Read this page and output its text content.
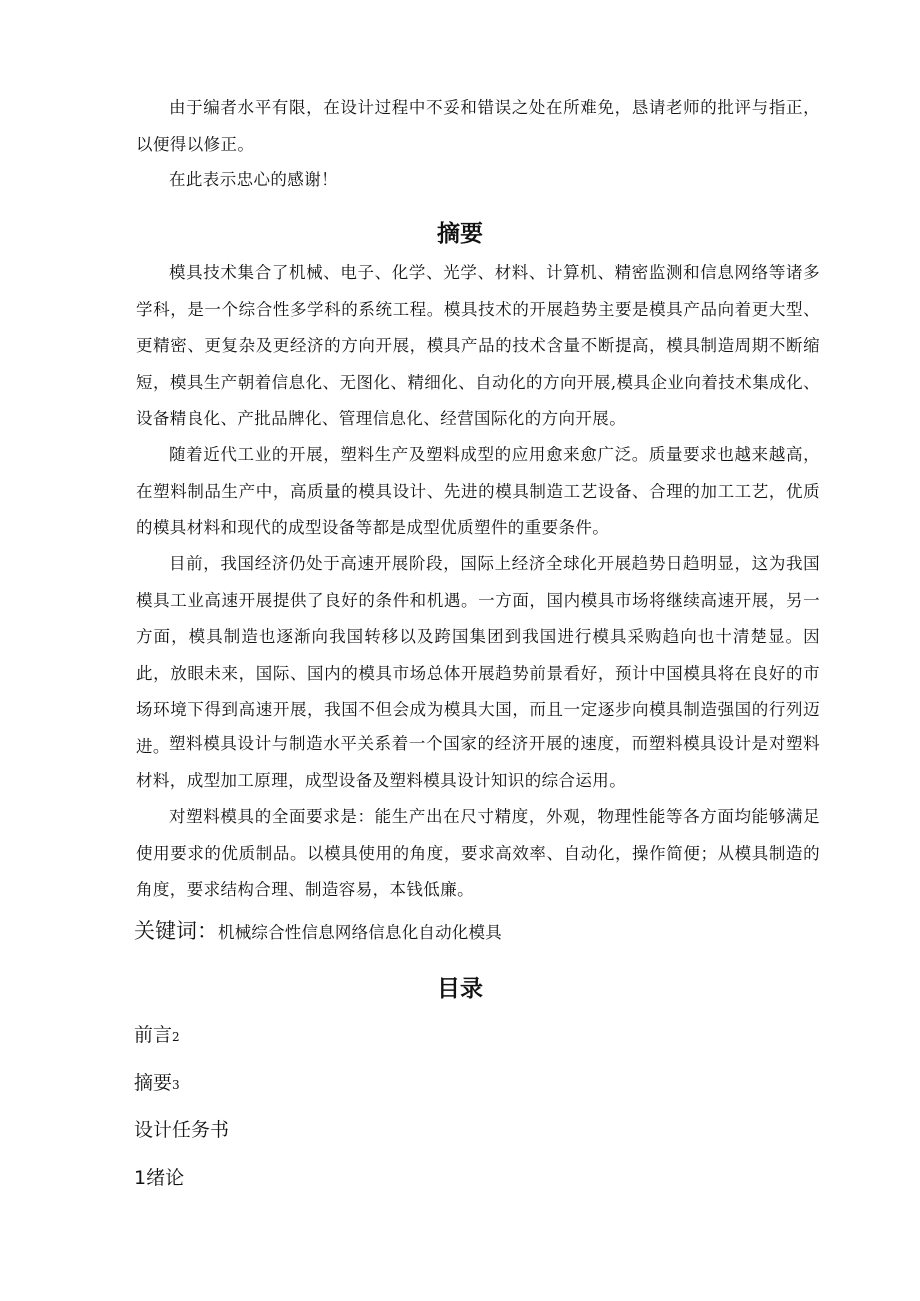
由于编者水平有限，在设计过程中不妥和错误之处在所难免，恳请老师的批评与指正，以便得以修正。

在此表示忠心的感谢！

摘要

模具技术集合了机械、电子、化学、光学、材料、计算机、精密监测和信息网络等诸多学科，是一个综合性多学科的系统工程。模具技术的开展趋势主要是模具产品向着更大型、更精密、更复杂及更经济的方向开展，模具产品的技术含量不断提高，模具制造周期不断缩短，模具生产朝着信息化、无图化、精细化、自动化的方向开展,模具企业向着技术集成化、设备精良化、产批品牌化、管理信息化、经营国际化的方向开展。

随着近代工业的开展，塑料生产及塑料成型的应用愈来愈广泛。质量要求也越来越高，在塑料制品生产中，高质量的模具设计、先进的模具制造工艺设备、合理的加工工艺，优质的模具材料和现代的成型设备等都是成型优质塑件的重要条件。

目前，我国经济仍处于高速开展阶段，国际上经济全球化开展趋势日趋明显，这为我国模具工业高速开展提供了良好的条件和机遇。一方面，国内模具市场将继续高速开展，另一方面，模具制造也逐渐向我国转移以及跨国集团到我国进行模具采购趋向也十清楚显。因此，放眼未来，国际、国内的模具市场总体开展趋势前景看好，预计中国模具将在良好的市场环境下得到高速开展，我国不但会成为模具大国，而且一定逐步向模具制造强国的行列迈进。 塑料模具设计与制造水平关系着一个国家的经济开展的速度，而塑料模具设计是对塑料材料，成型加工原理，成型设备及塑料模具设计知识的综合运用。

对塑料模具的全面要求是：能生产出在尺寸精度，外观，物理性能等各方面均能够满足使用要求的优质制品。以模具使用的角度，要求高效率、自动化，操作简便；从模具制造的角度，要求结构合理、制造容易，本钱低廉。

关键词：机械综合性信息网络信息化自动化模具

目录

前言2

摘要3

设计任务书

1绪论
